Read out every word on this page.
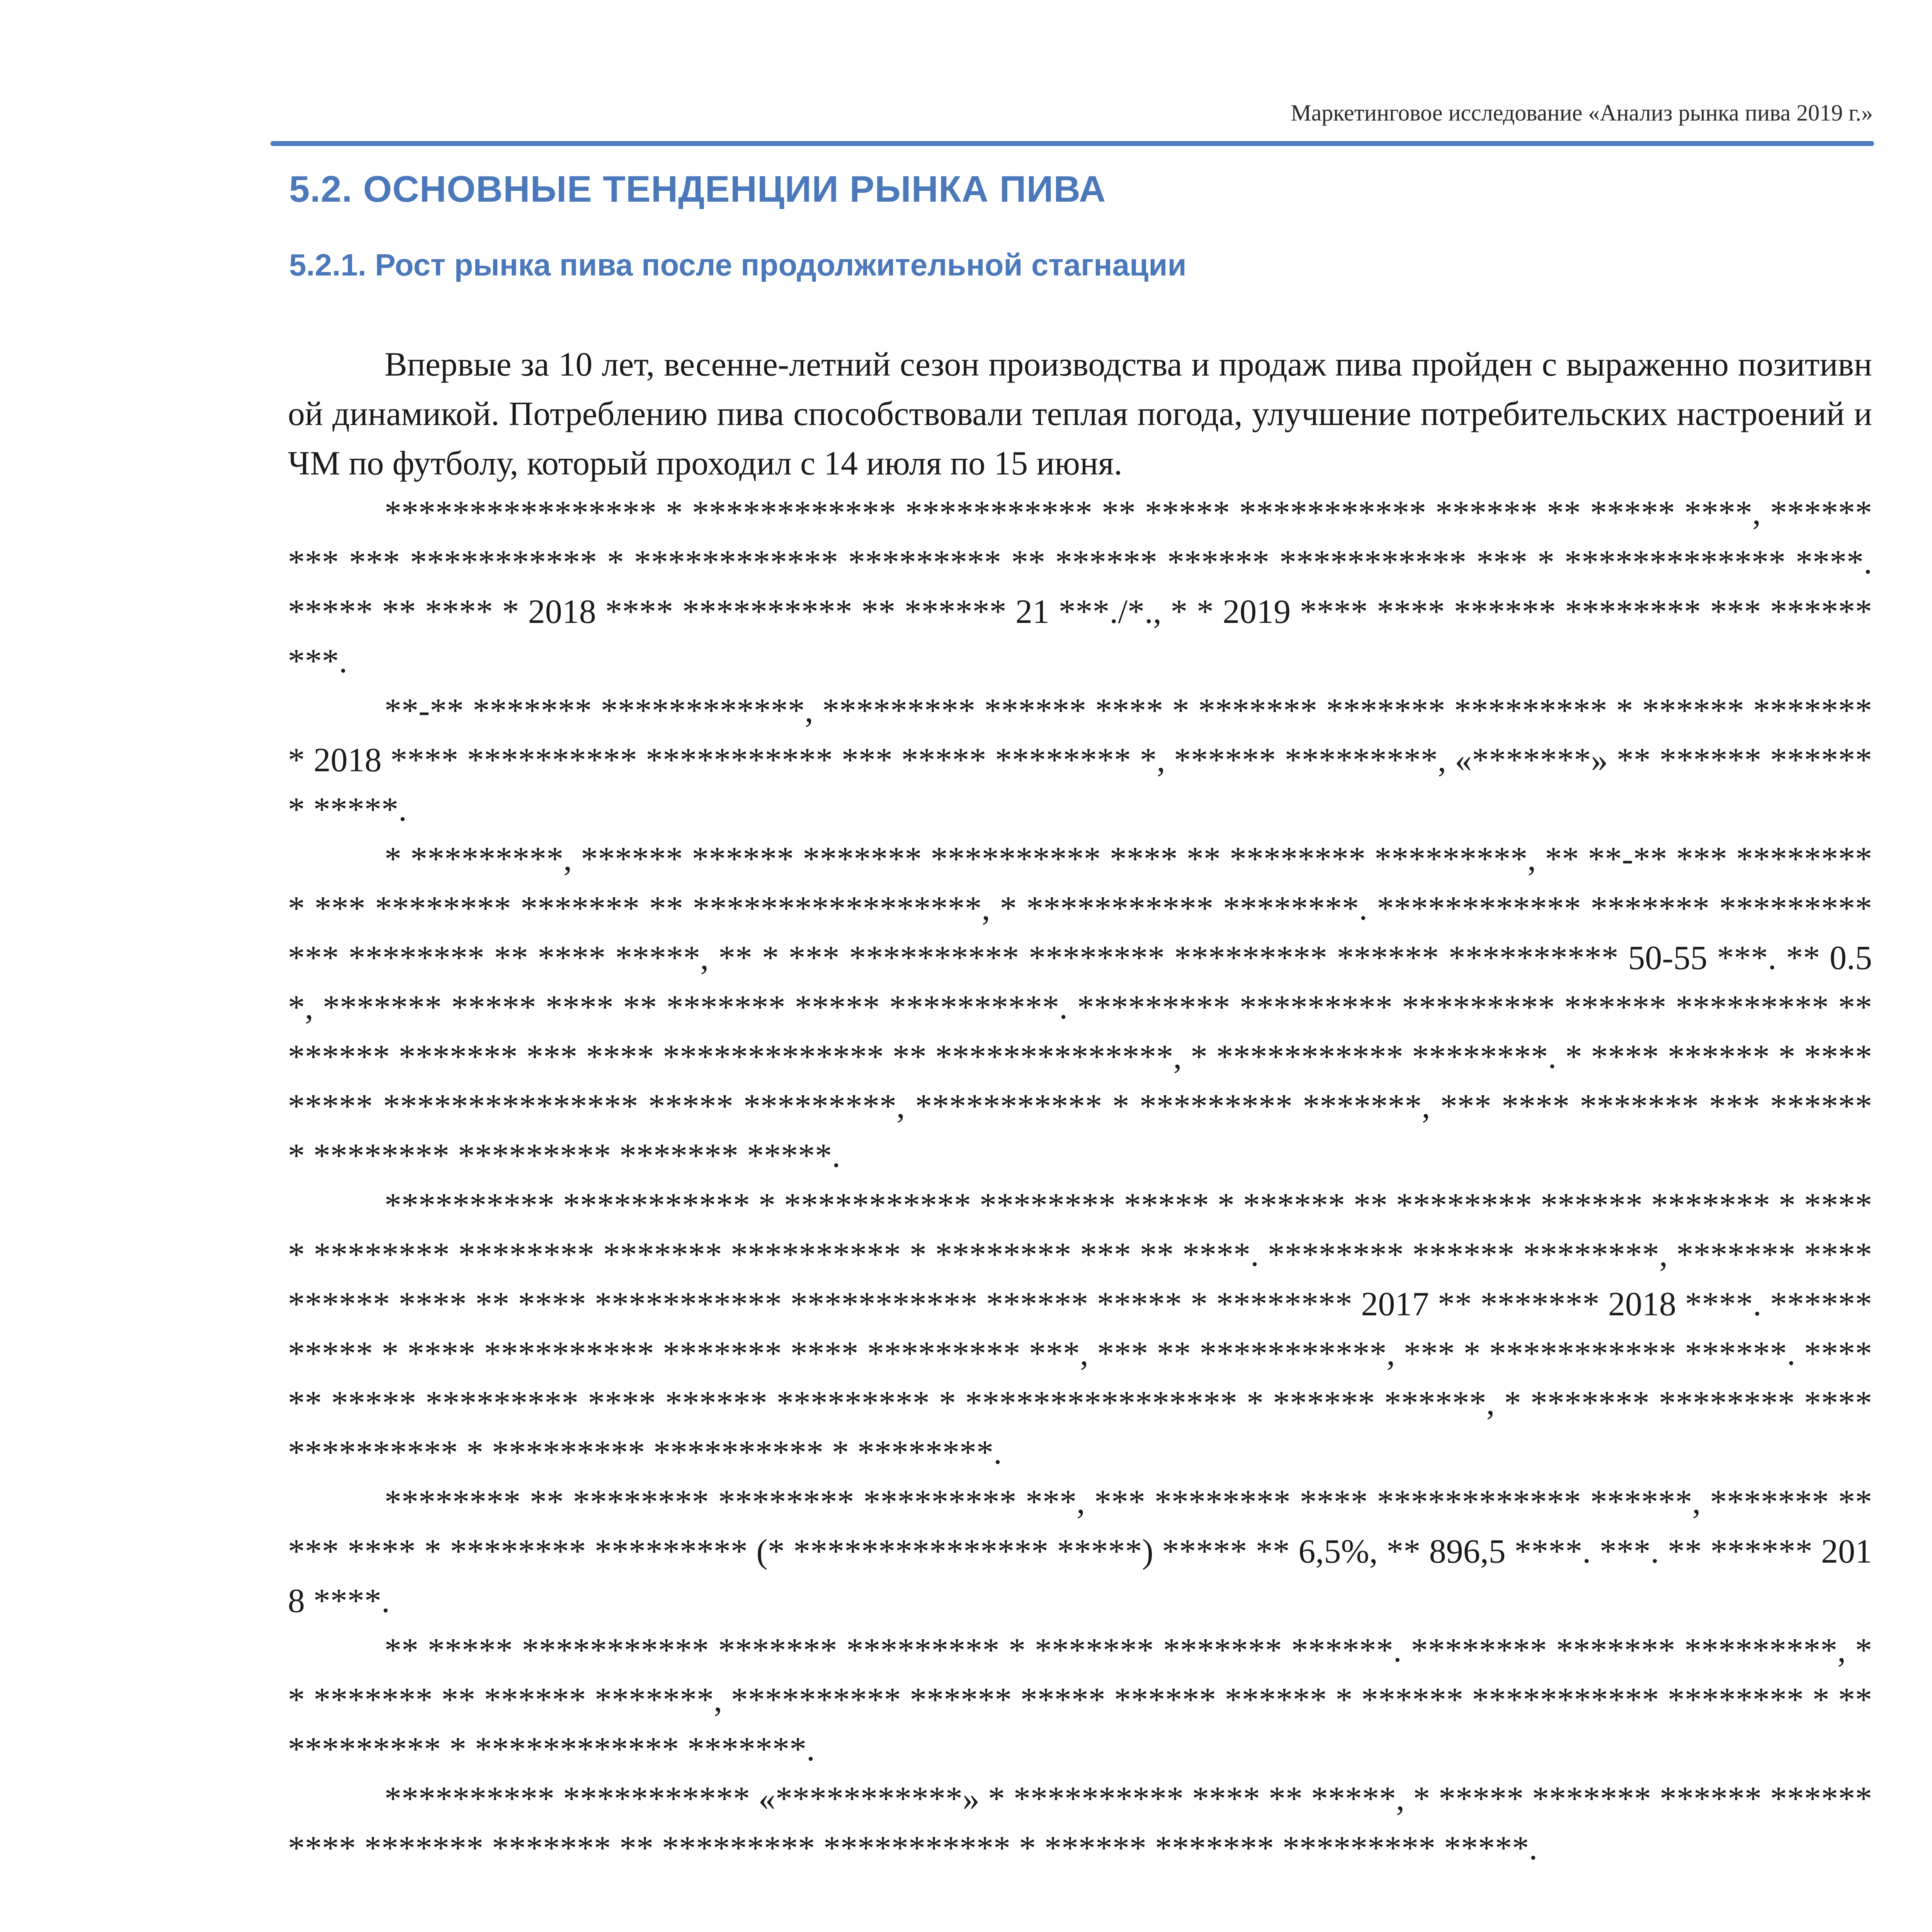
Маркетинговое исследование «Анализ рынка пива 2019 г.»
5.2. ОСНОВНЫЕ ТЕНДЕНЦИИ РЫНКА ПИВА
5.2.1. Рост рынка пива после продолжительной стагнации

Впервые за 10 лет, весенне-летний сезон производства и продаж пива пройден с выраженно позитивной динамикой. Потреблению пива способствовали теплая погода, улучшение потребительских настроений и ЧМ по футболу, который проходил с 14 июля по 15 июня.

**************** * ************ *********** ** ***** *********** ****** ** ***** ****, ********* *** *********** * ************ ********* ** ****** ****** *********** *** * ************* ****. ***** ** **** * 2018 **** ********** ** ****** 21 ***./*., * * 2019 **** **** ****** ******** *** *********.

**-** ******* ************, ********* ****** **** * ******* ******* ********* * ****** ******** 2018 **** ********** *********** *** ***** ******** *, ****** *********, «*******» ** ****** ******* *****.

* *********, ****** ****** ******* ********** **** ** ******** *********, ** **-** *** ********* *** ******** ******* ** *****************, * *********** ********. ************ ******* ************ ******** ** **** *****, ** * *** ********** ******** ********* ****** ********** 50-55 ***. ** 0.5 *, ******* ***** **** ** ******* ***** **********. ********* ********* ********* ****** ********* ******** ******* *** **** ************* ** **************, * *********** ********. * **** ****** * ********* *************** ***** *********, *********** * ********* *******, *** **** ******* *** ****** * ******** ********* ******* *****.

********** *********** * *********** ******** ***** * ****** ** ******** ****** ******* * ***** ******** ******** ******* ********** * ******** *** ** ****. ******** ****** ********, ******* ********** **** ** **** *********** *********** ****** ***** * ******** 2017 ** ******* 2018 ****. *********** * **** ********** ******* **** ********* ***, *** ** ***********, *** * *********** ******. ****** ***** ********* **** ****** ********* * **************** * ****** ******, * ******* ******** **** ********** * ********* ********** * ********.

******** ** ******** ******** ********* ***, *** ******** **** ************ ******, ******* ***** **** * ******** ********* (* *************** *****) ***** ** 6,5%, ** 896,5 ****. ***. ** ****** 2018 ****.

** ***** *********** ******* ********* * ******* ******* ******. ******** ******* *********, ** ******* ** ****** *******, ********** ****** ***** ****** ****** * ****** *********** ******** * *********** * ************ *******.

********** *********** «***********» * ********** **** ** *****, * ***** ******* ****** ********** ******* ******* ** ********* *********** * ****** ******* ********* *****.
